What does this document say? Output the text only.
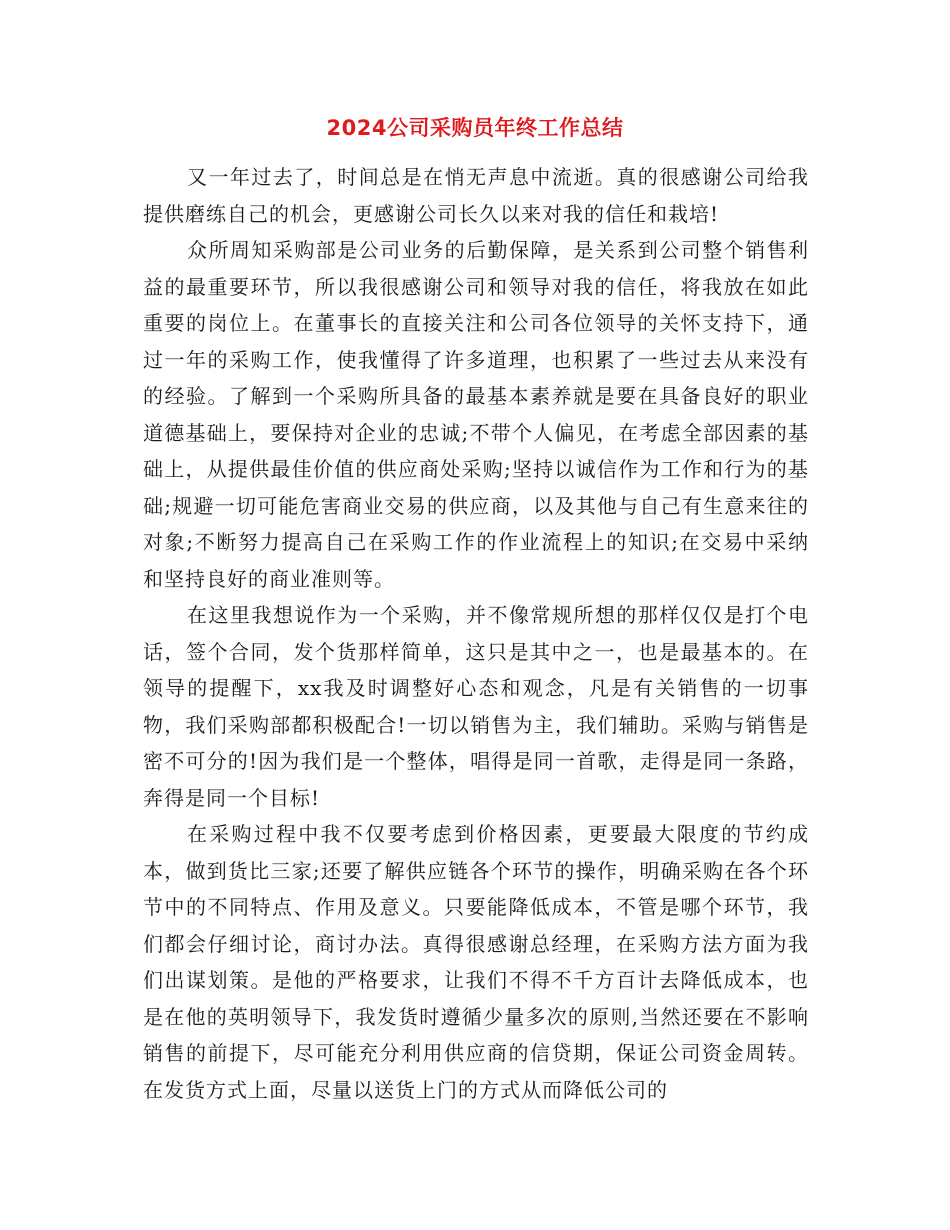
2024公司采购员年终工作总结

又一年过去了，时间总是在悄无声息中流逝。真的很感谢公司给我提供磨练自己的机会，更感谢公司长久以来对我的信任和栽培!

众所周知采购部是公司业务的后勤保障，是关系到公司整个销售利益的最重要环节，所以我很感谢公司和领导对我的信任，将我放在如此重要的岗位上。在董事长的直接关注和公司各位领导的关怀支持下，通过一年的采购工作，使我懂得了许多道理，也积累了一些过去从来没有的经验。了解到一个采购所具备的最基本素养就是要在具备良好的职业道德基础上，要保持对企业的忠诚;不带个人偏见，在考虑全部因素的基础上，从提供最佳价值的供应商处采购;坚持以诚信作为工作和行为的基础;规避一切可能危害商业交易的供应商，以及其他与自己有生意来往的对象;不断努力提高自己在采购工作的作业流程上的知识;在交易中采纳和坚持良好的商业准则等。

在这里我想说作为一个采购，并不像常规所想的那样仅仅是打个电话，签个合同，发个货那样简单，这只是其中之一，也是最基本的。在领导的提醒下，xx我及时调整好心态和观念，凡是有关销售的一切事物，我们采购部都积极配合!一切以销售为主，我们辅助。采购与销售是密不可分的!因为我们是一个整体，唱得是同一首歌，走得是同一条路，奔得是同一个目标!

在采购过程中我不仅要考虑到价格因素，更要最大限度的节约成本，做到货比三家;还要了解供应链各个环节的操作，明确采购在各个环节中的不同特点、作用及意义。只要能降低成本，不管是哪个环节，我们都会仔细讨论，商讨办法。真得很感谢总经理，在采购方法方面为我们出谋划策。是他的严格要求，让我们不得不千方百计去降低成本，也是在他的英明领导下，我发货时遵循少量多次的原则,当然还要在不影响销售的前提下，尽可能充分利用供应商的信贷期，保证公司资金周转。在发货方式上面，尽量以送货上门的方式从而降低公司的
